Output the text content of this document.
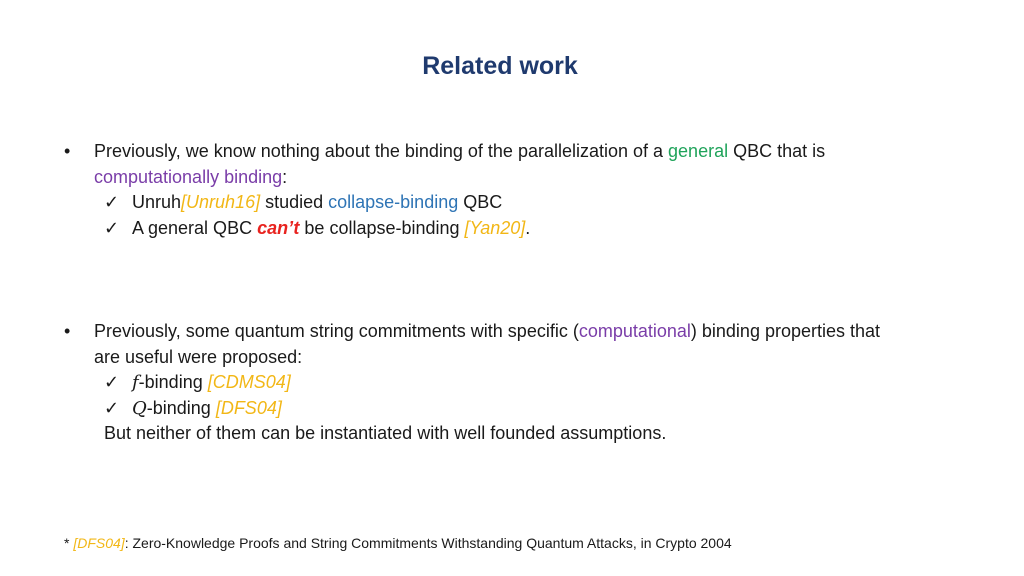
Related work
• Previously, we know nothing about the binding of the parallelization of a general QBC that is
computationally binding:
✓ Unruh[Unruh16] studied collapse-binding QBC
✓ A general QBC can’t be collapse-binding [Yan20].
• Previously, some quantum string commitments with specific (computational) binding properties that
are useful were proposed:
✓ f-binding [CDMS04]
✓ Q-binding [DFS04]
But neither of them can be instantiated with well founded assumptions.
* [DFS04]: Zero-Knowledge Proofs and String Commitments Withstanding Quantum Attacks, in Crypto 2004
